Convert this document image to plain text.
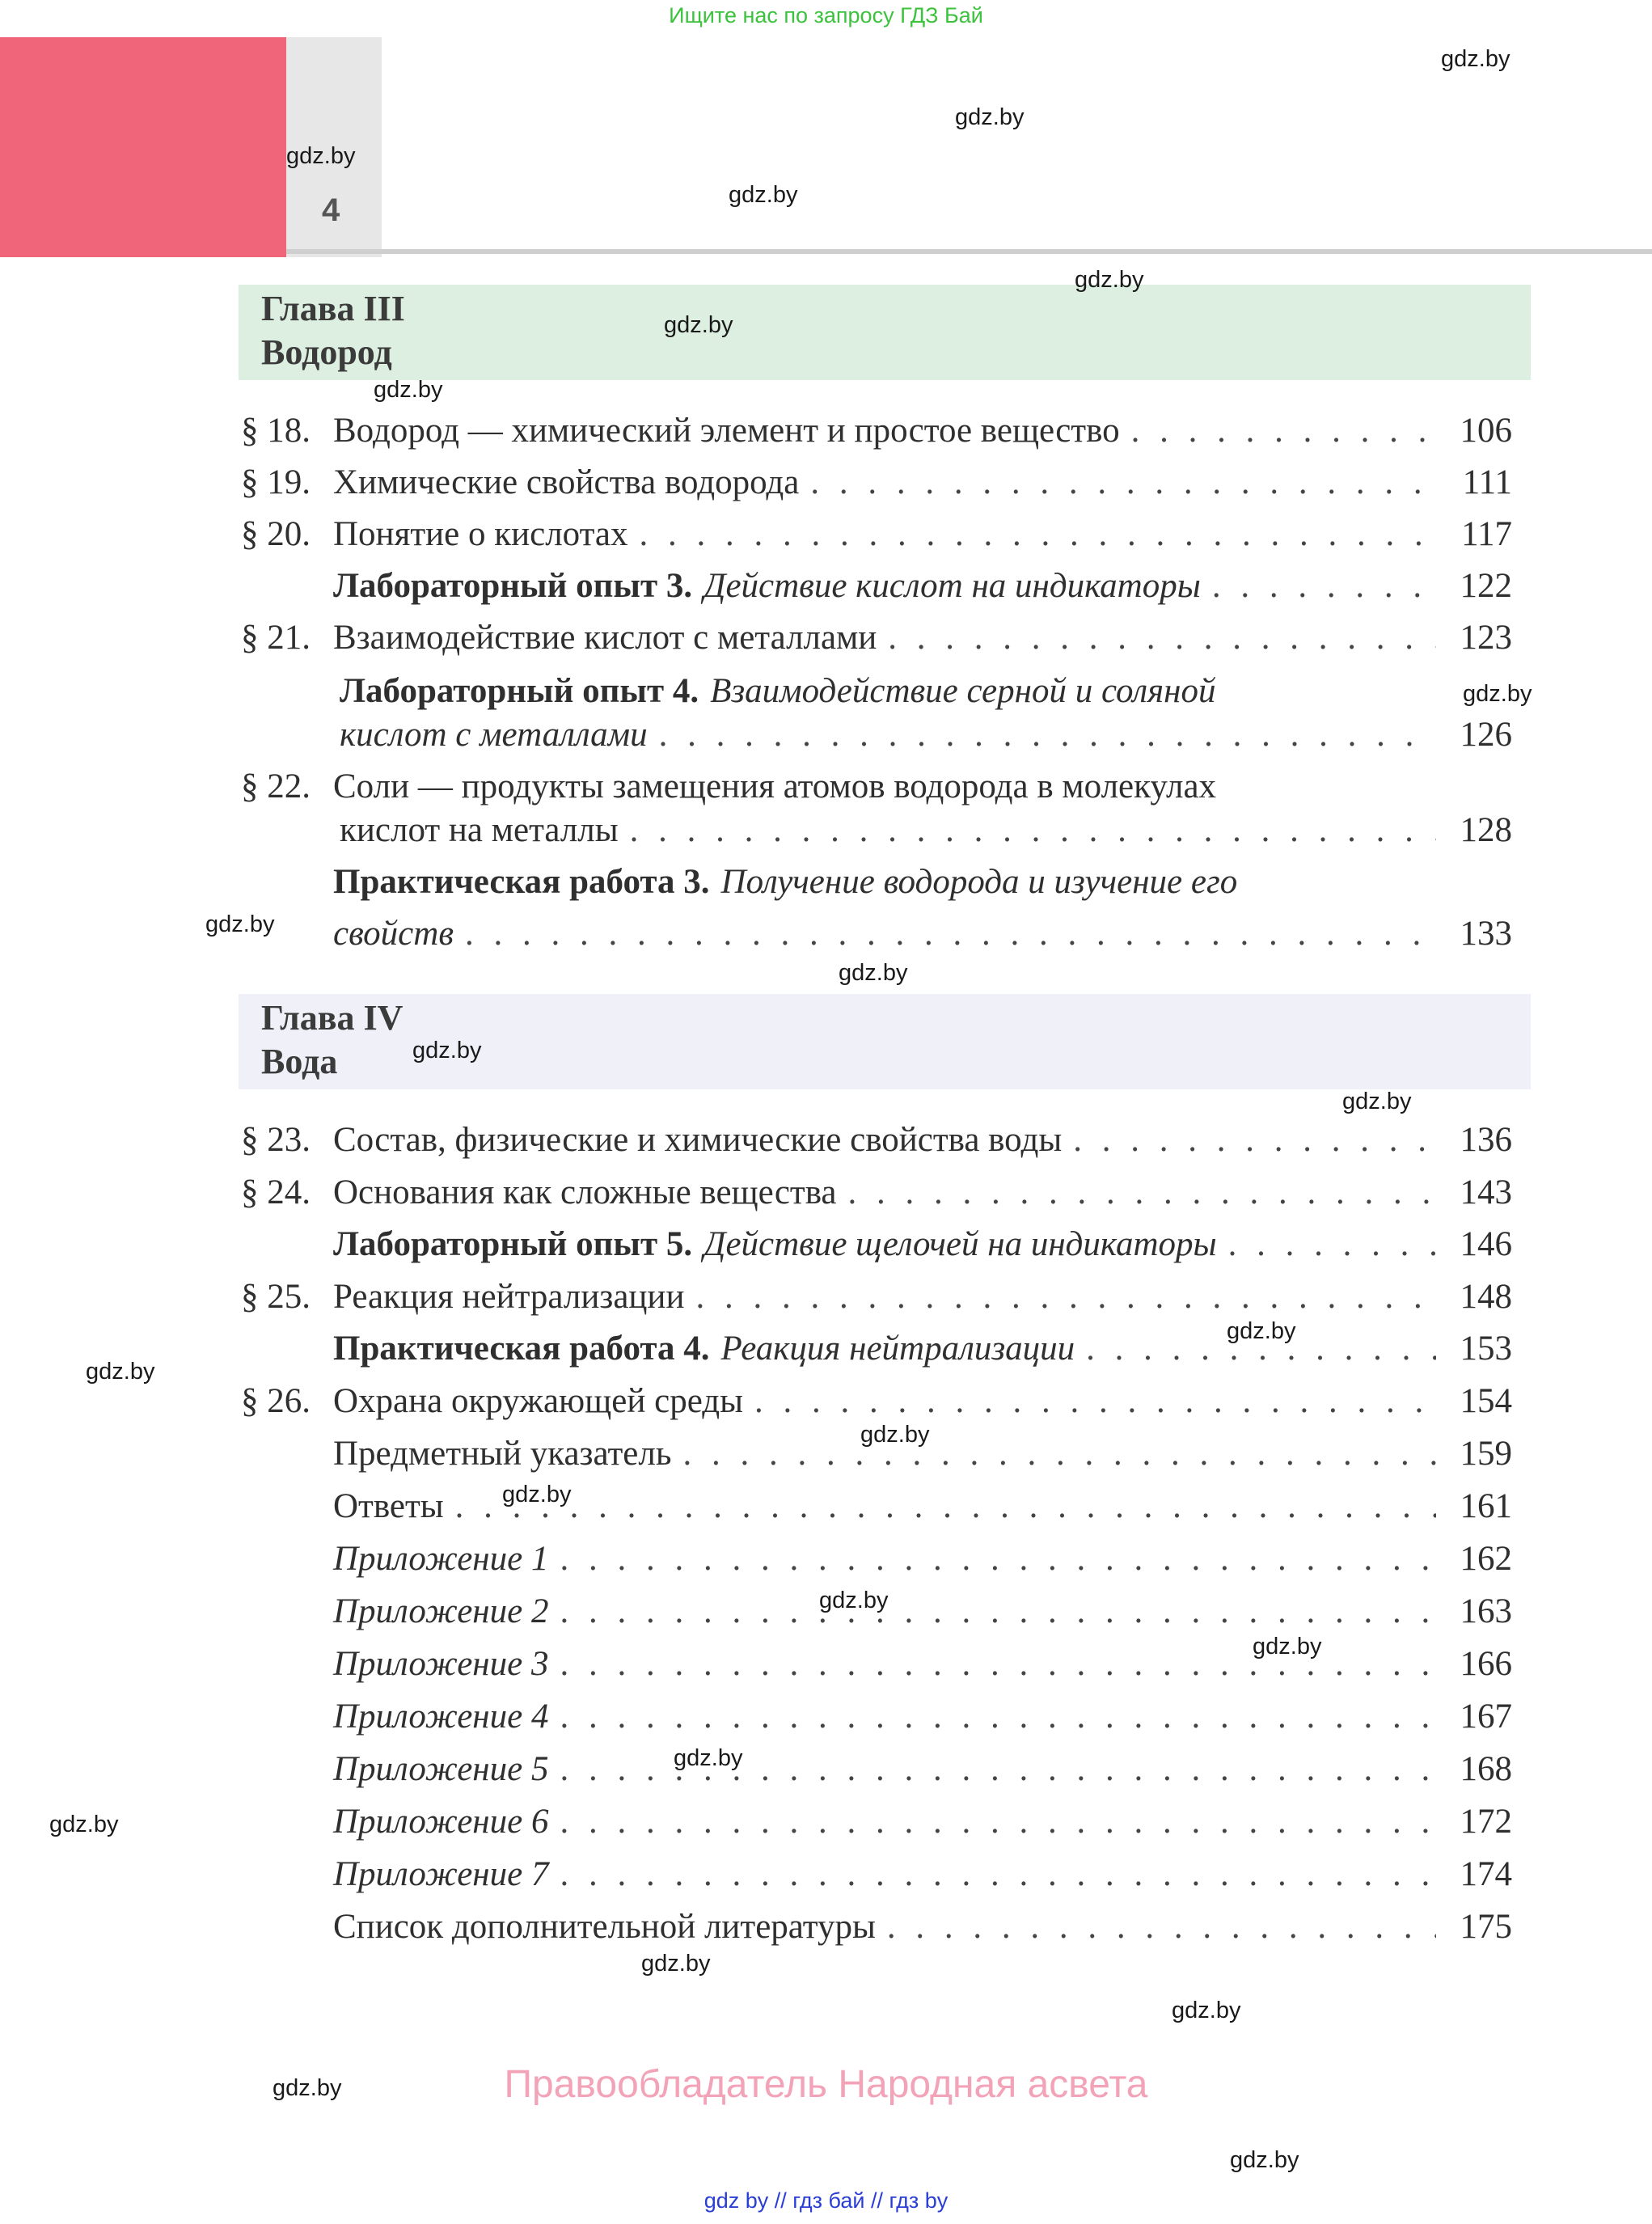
Ищите нас по запросу ГДЗ Бай
4
Глава III
Водород
§ 18. Водород — химический элемент и простое вещество . . .	106
§ 19. Химические свойства водорода . . .	111
§ 20. Понятие о кислотах . . .	117
Лабораторный опыт 3. Действие кислот на индикаторы . . .	122
§ 21. Взаимодействие кислот с металлами . . .	123
Лабораторный опыт 4. Взаимодействие серной и соляной
кислот с металлами . . .	126
§ 22. Соли — продукты замещения атомов водорода в молекулах
кислот на металлы . . .	128
Практическая работа 3. Получение водорода и изучение его
свойств . . .	133
Глава IV
Вода
§ 23. Состав, физические и химические свойства воды . . .	136
§ 24. Основания как сложные вещества . . .	143
Лабораторный опыт 5. Действие щелочей на индикаторы . . .	146
§ 25. Реакция нейтрализации . . .	148
Практическая работа 4. Реакция нейтрализации . . .	153
§ 26. Охрана окружающей среды . . .	154
Предметный указатель . . .	159
Ответы . . .	161
Приложение 1 . . .	162
Приложение 2 . . .	163
Приложение 3 . . .	166
Приложение 4 . . .	167
Приложение 5 . . .	168
Приложение 6 . . .	172
Приложение 7 . . .	174
Список дополнительной литературы . . .	175
gdz.by
gdz.by
gdz.by
gdz.by
gdz.by
gdz.by
gdz.by
gdz.by
gdz.by
gdz.by
gdz.by
gdz.by
gdz.by
gdz.by
gdz.by
gdz.by
gdz.by
gdz.by
gdz.by
gdz.by
gdz.by
gdz.by
gdz.by
gdz.by
Правообладатель Народная асвета
gdz by // гдз бай // гдз by
